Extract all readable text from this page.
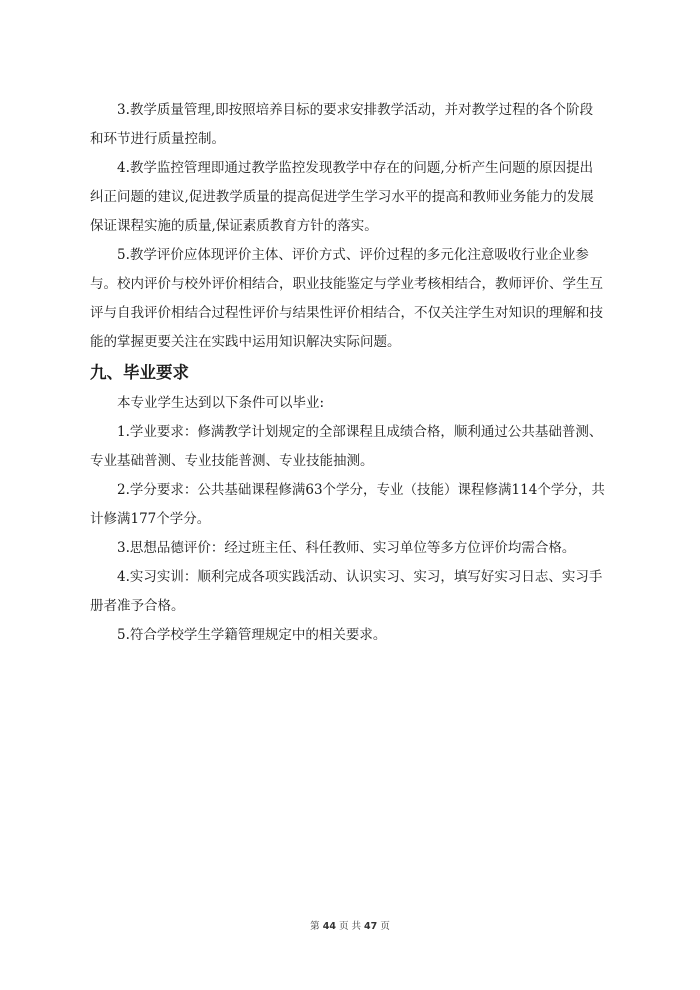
3.教学质量管理,即按照培养目标的要求安排教学活动，并对教学过程的各个阶段和环节进行质量控制。

4.教学监控管理即通过教学监控发现教学中存在的问题,分析产生问题的原因提出纠正问题的建议,促进教学质量的提高促进学生学习水平的提高和教师业务能力的发展保证课程实施的质量,保证素质教育方针的落实。

5.教学评价应体现评价主体、评价方式、评价过程的多元化注意吸收行业企业参与。校内评价与校外评价相结合，职业技能鉴定与学业考核相结合，教师评价、学生互评与自我评价相结合过程性评价与结果性评价相结合，不仅关注学生对知识的理解和技能的掌握更要关注在实践中运用知识解决实际问题。

九、毕业要求

本专业学生达到以下条件可以毕业:

1.学业要求：修满教学计划规定的全部课程且成绩合格，顺利通过公共基础普测、专业基础普测、专业技能普测、专业技能抽测。

2.学分要求：公共基础课程修满63个学分，专业（技能）课程修满114个学分，共计修满177个学分。

3.思想品德评价：经过班主任、科任教师、实习单位等多方位评价均需合格。

4.实习实训：顺利完成各项实践活动、认识实习、实习，填写好实习日志、实习手册者准予合格。

5.符合学校学生学籍管理规定中的相关要求。

第 44 页 共 47 页
